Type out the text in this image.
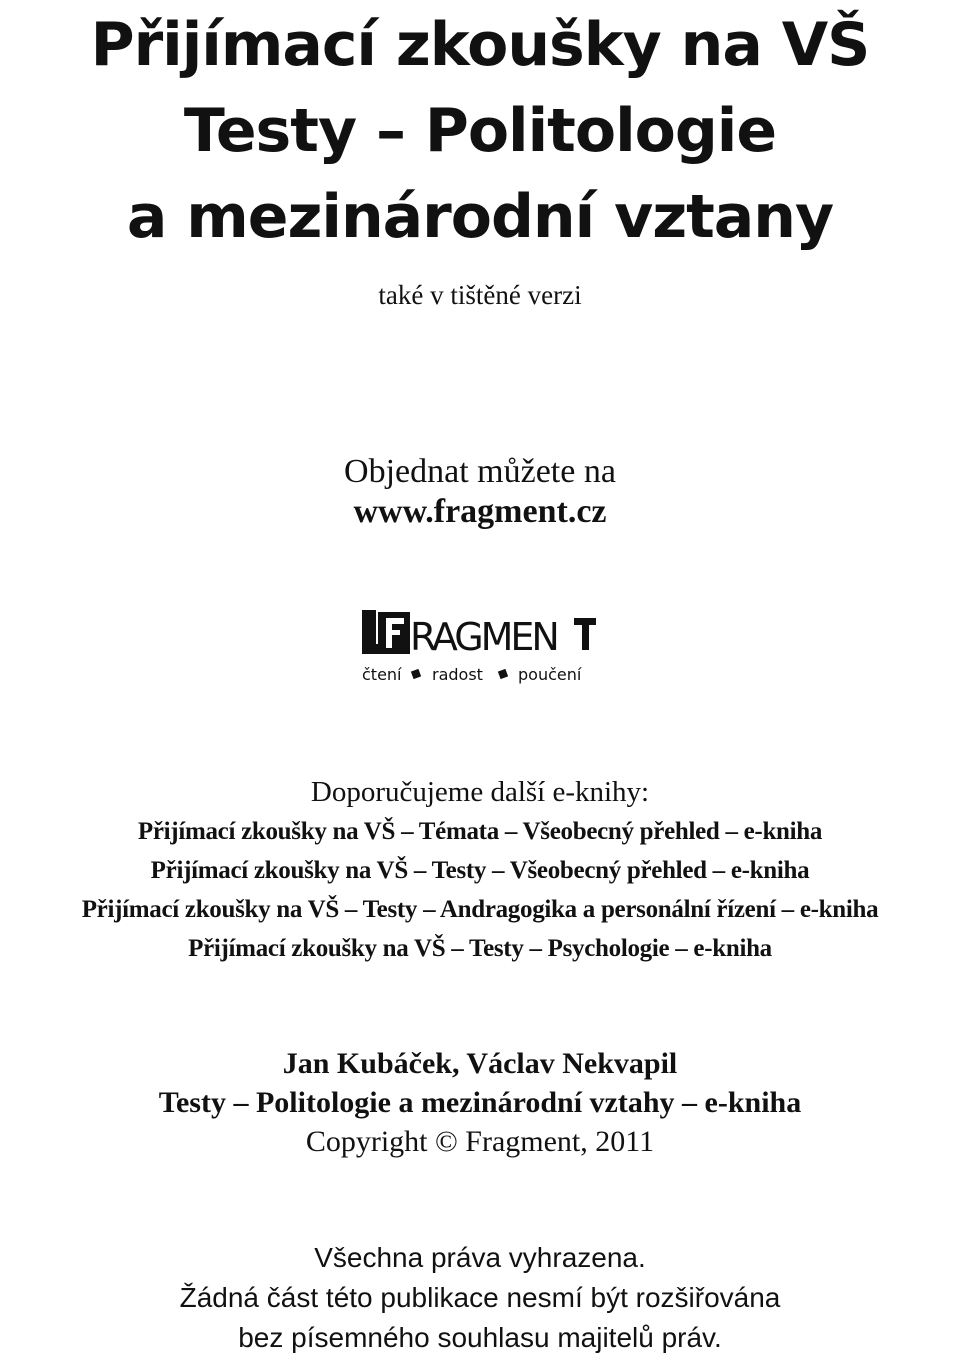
Přijímací zkoušky na VŠ
Testy – Politologie
a mezinárodní vztany
také v tištěné verzi
Objednat můžete na
www.fragment.cz
RAGMEN
čtení radost poučení
Doporučujeme další e-knihy:
Přijímací zkoušky na VŠ – Témata – Všeobecný přehled – e-kniha
Přijímací zkoušky na VŠ – Testy – Všeobecný přehled – e-kniha
Přijímací zkoušky na VŠ – Testy – Andragogika a personální řízení – e-kniha
Přijímací zkoušky na VŠ – Testy – Psychologie – e-kniha
Jan Kubáček, Václav Nekvapil
Testy – Politologie a mezinárodní vztahy – e-kniha
Copyright © Fragment, 2011
Všechna práva vyhrazena.
Žádná část této publikace nesmí být rozšiřována
bez písemného souhlasu majitelů práv.
